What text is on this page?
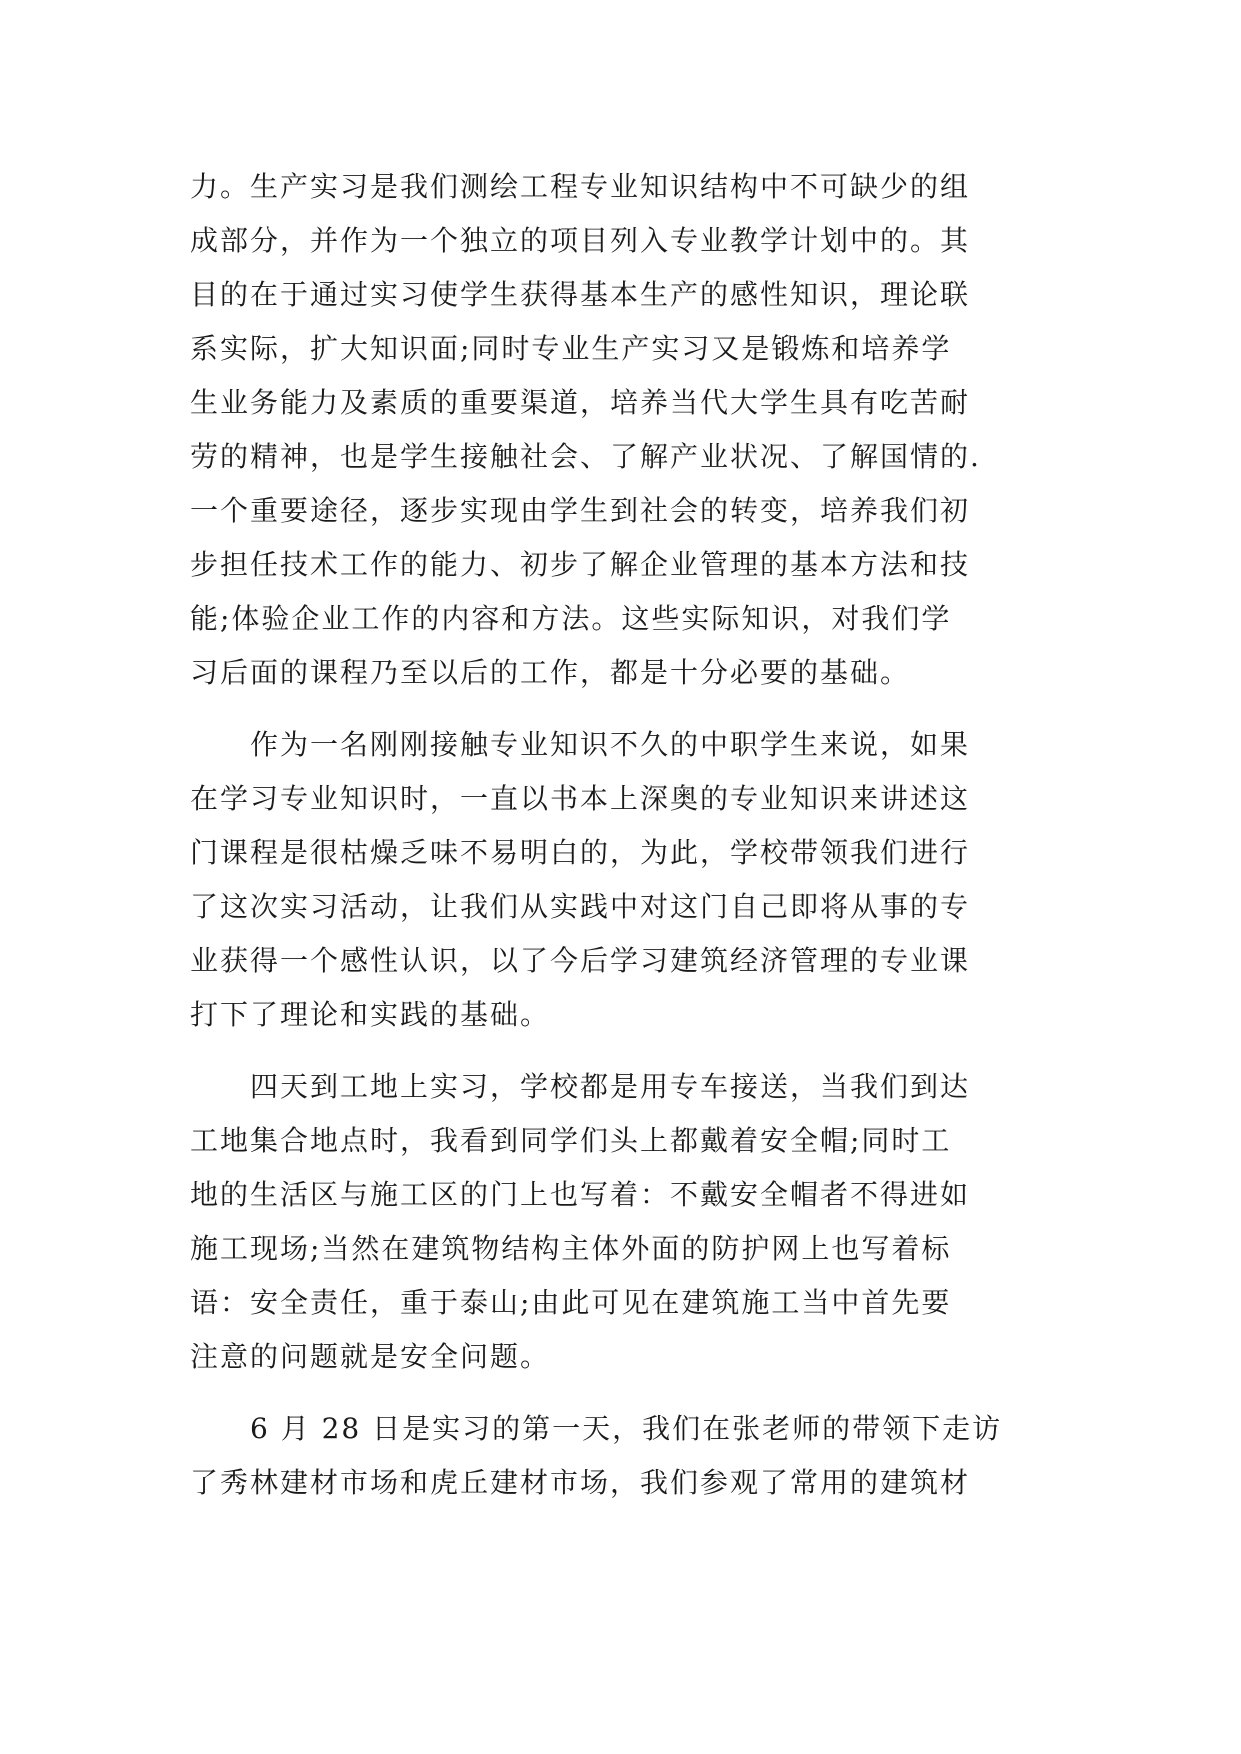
力。生产实习是我们测绘工程专业知识结构中不可缺少的组
成部分，并作为一个独立的项目列入专业教学计划中的。其
目的在于通过实习使学生获得基本生产的感性知识，理论联
系实际，扩大知识面;同时专业生产实习又是锻炼和培养学
生业务能力及素质的重要渠道，培养当代大学生具有吃苦耐
劳的精神，也是学生接触社会、了解产业状况、了解国情的.
一个重要途径，逐步实现由学生到社会的转变，培养我们初
步担任技术工作的能力、初步了解企业管理的基本方法和技
能;体验企业工作的内容和方法。这些实际知识，对我们学
习后面的课程乃至以后的工作，都是十分必要的基础。
作为一名刚刚接触专业知识不久的中职学生来说，如果
在学习专业知识时，一直以书本上深奥的专业知识来讲述这
门课程是很枯燥乏味不易明白的，为此，学校带领我们进行
了这次实习活动，让我们从实践中对这门自己即将从事的专
业获得一个感性认识，以了今后学习建筑经济管理的专业课
打下了理论和实践的基础。
四天到工地上实习，学校都是用专车接送，当我们到达
工地集合地点时，我看到同学们头上都戴着安全帽;同时工
地的生活区与施工区的门上也写着：不戴安全帽者不得进如
施工现场;当然在建筑物结构主体外面的防护网上也写着标
语：安全责任，重于泰山;由此可见在建筑施工当中首先要
注意的问题就是安全问题。
6 月 28 日是实习的第一天，我们在张老师的带领下走访
了秀林建材市场和虎丘建材市场，我们参观了常用的建筑材
